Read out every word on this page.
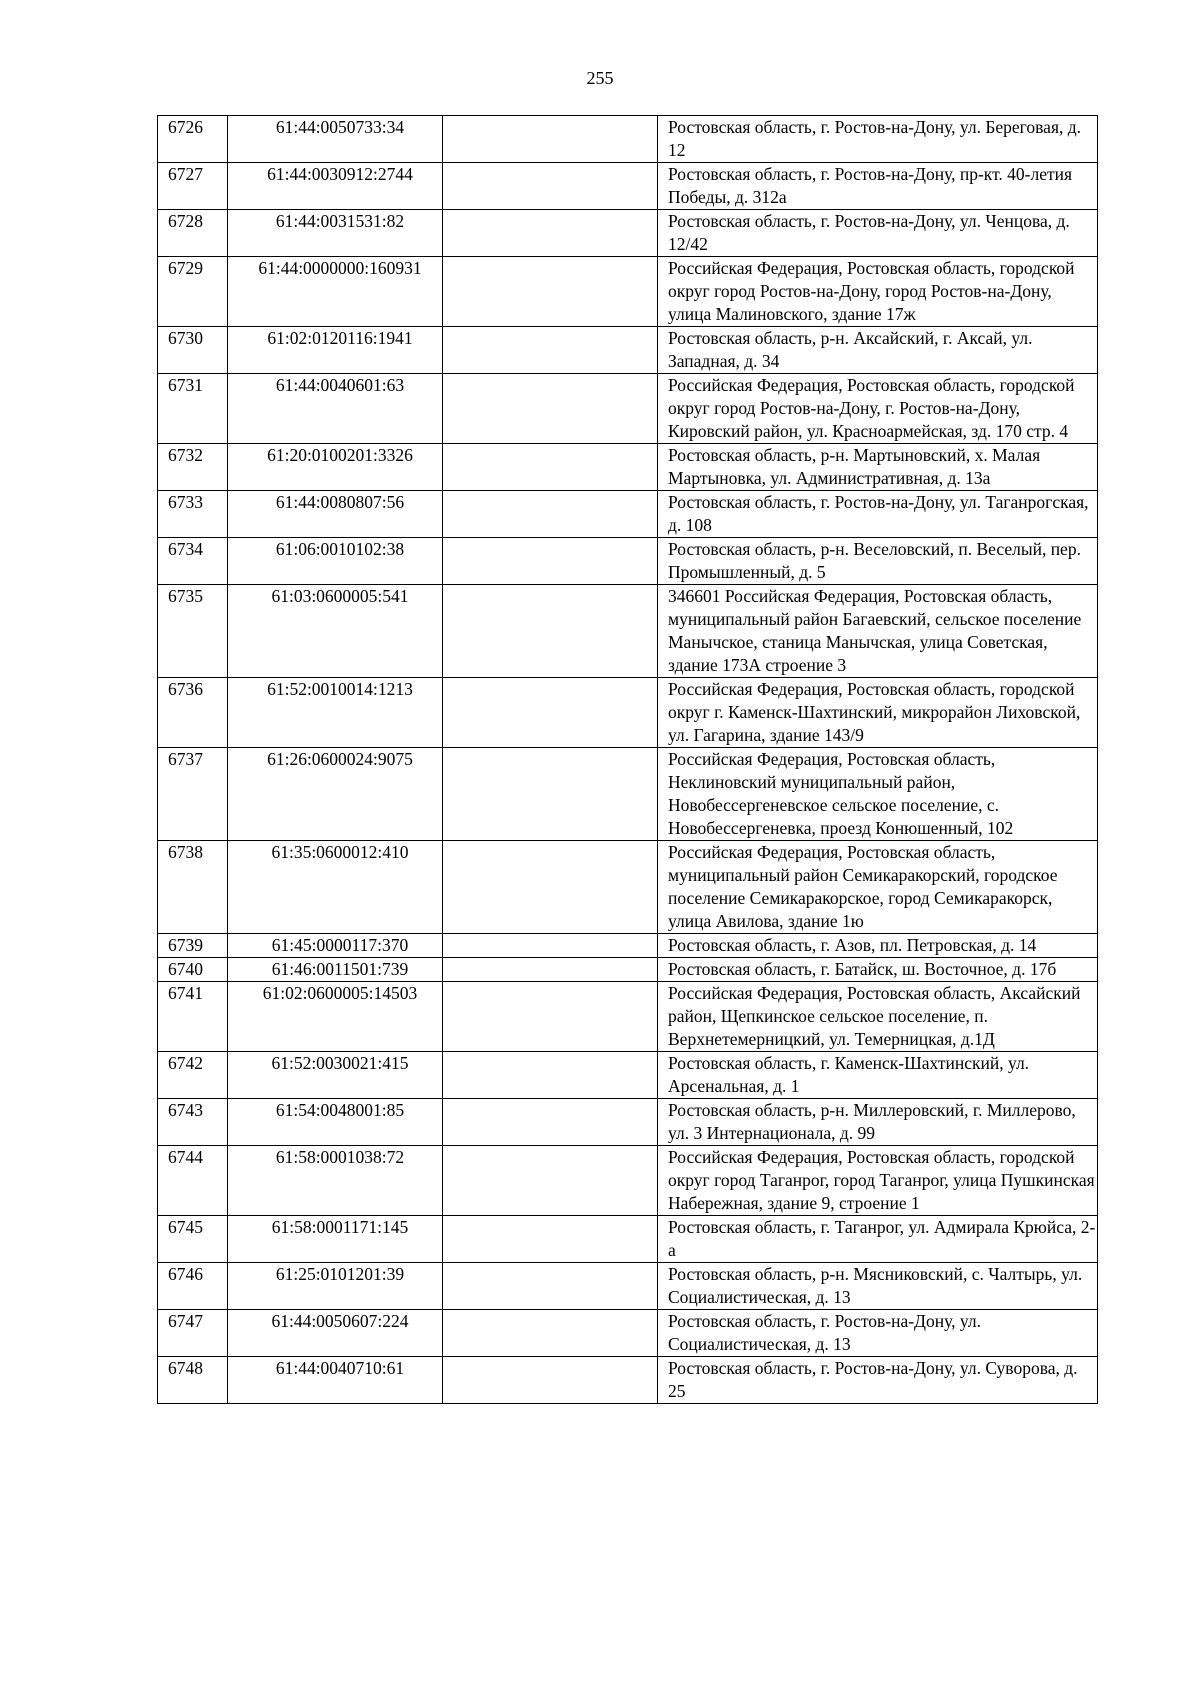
255
6726	61:44:0050733:34		Ростовская область, г. Ростов-на-Дону, ул. Береговая, д. 12
6727	61:44:0030912:2744		Ростовская область, г. Ростов-на-Дону, пр-кт. 40-летия Победы, д. 312а
6728	61:44:0031531:82		Ростовская область, г. Ростов-на-Дону, ул. Ченцова, д. 12/42
6729	61:44:0000000:160931		Российская Федерация, Ростовская область, городской округ город Ростов-на-Дону, город Ростов-на-Дону, улица Малиновского, здание 17ж
6730	61:02:0120116:1941		Ростовская область, р-н. Аксайский, г. Аксай, ул. Западная, д. 34
6731	61:44:0040601:63		Российская Федерация, Ростовская область, городской округ город Ростов-на-Дону, г. Ростов-на-Дону, Кировский район, ул. Красноармейская, зд. 170 стр. 4
6732	61:20:0100201:3326		Ростовская область, р-н. Мартыновский, х. Малая Мартыновка, ул. Административная, д. 13а
6733	61:44:0080807:56		Ростовская область, г. Ростов-на-Дону, ул. Таганрогская, д. 108
6734	61:06:0010102:38		Ростовская область, р-н. Веселовский, п. Веселый, пер. Промышленный, д. 5
6735	61:03:0600005:541		346601 Российская Федерация, Ростовская область, муниципальный район Багаевский, сельское поселение Манычское, станица Манычская, улица Советская, здание 173А строение 3
6736	61:52:0010014:1213		Российская Федерация, Ростовская область, городской округ г. Каменск-Шахтинский, микрорайон Лиховской, ул. Гагарина, здание 143/9
6737	61:26:0600024:9075		Российская Федерация, Ростовская область, Неклиновский муниципальный район, Новобессергеневское сельское поселение, с. Новобессергеневка, проезд Конюшенный, 102
6738	61:35:0600012:410		Российская Федерация, Ростовская область, муниципальный район Семикаракорский, городское поселение Семикаракорское, город Семикаракорск, улица Авилова, здание 1ю
6739	61:45:0000117:370		Ростовская область, г. Азов, пл. Петровская, д. 14
6740	61:46:0011501:739		Ростовская область, г. Батайск, ш. Восточное, д. 17б
6741	61:02:0600005:14503		Российская Федерация, Ростовская область, Аксайский район, Щепкинское сельское поселение, п. Верхнетемерницкий, ул. Темерницкая, д.1Д
6742	61:52:0030021:415		Ростовская область, г. Каменск-Шахтинский, ул. Арсенальная, д. 1
6743	61:54:0048001:85		Ростовская область, р-н. Миллеровский, г. Миллерово, ул. 3 Интернационала, д. 99
6744	61:58:0001038:72		Российская Федерация, Ростовская область, городской округ город Таганрог, город Таганрог, улица Пушкинская Набережная, здание 9, строение 1
6745	61:58:0001171:145		Ростовская область, г. Таганрог, ул. Адмирала Крюйса, 2-а
6746	61:25:0101201:39		Ростовская область, р-н. Мясниковский, с. Чалтырь, ул. Социалистическая, д. 13
6747	61:44:0050607:224		Ростовская область, г. Ростов-на-Дону, ул. Социалистическая, д. 13
6748	61:44:0040710:61		Ростовская область, г. Ростов-на-Дону, ул. Суворова, д. 25
